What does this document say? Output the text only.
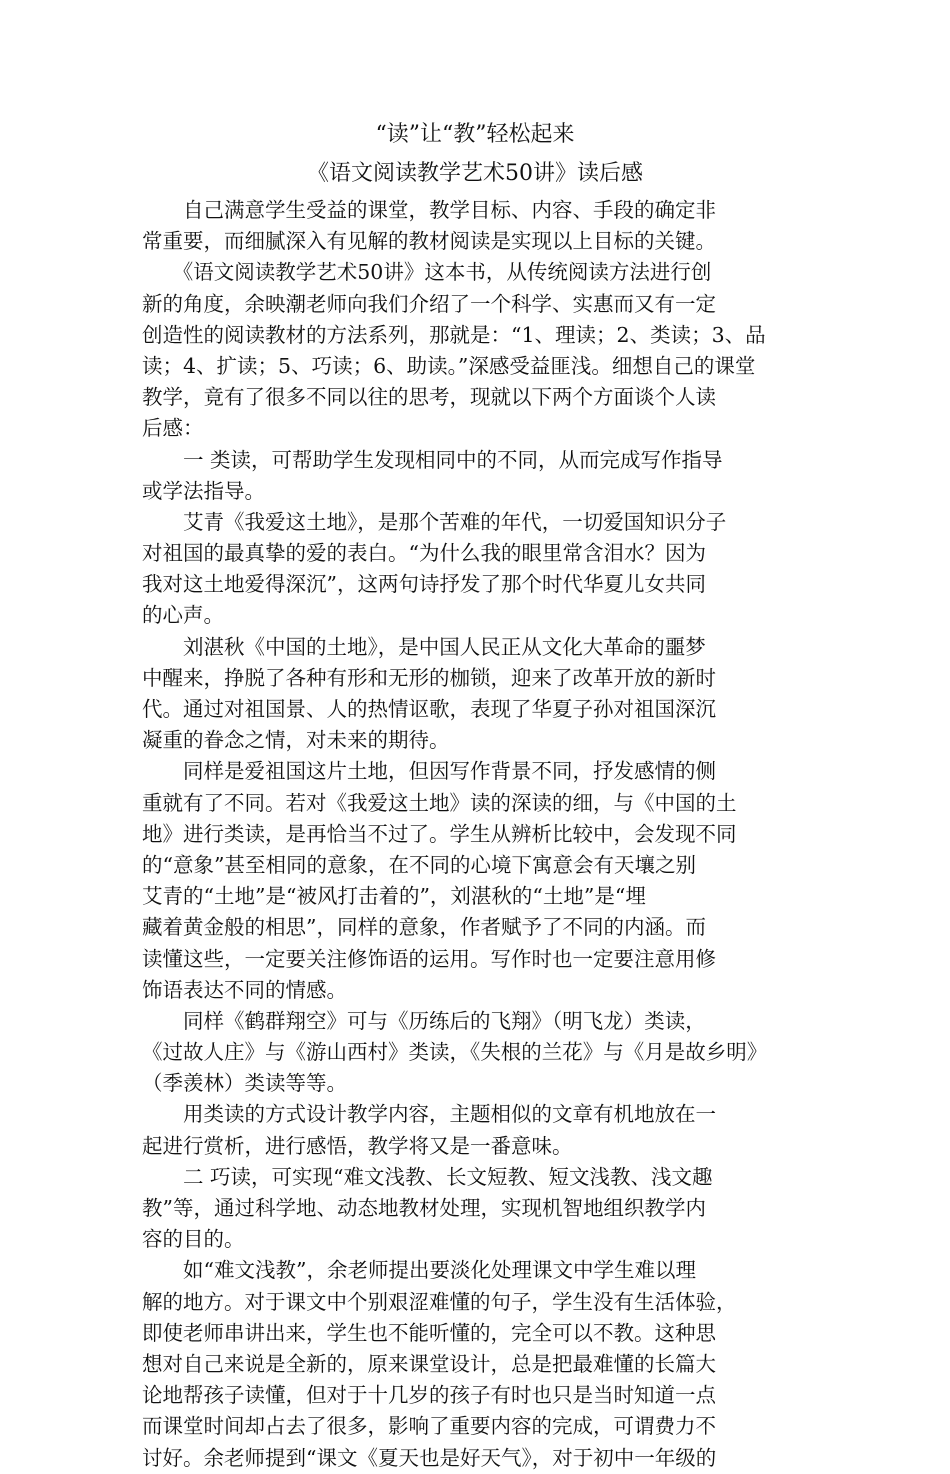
“读”让“教”轻松起来
《语文阅读教学艺术50讲》读后感
　　自己满意学生受益的课堂，教学目标、内容、手段的确定非
常重要，而细腻深入有见解的教材阅读是实现以上目标的关键。
　　《语文阅读教学艺术50讲》这本书，从传统阅读方法进行创
新的角度，余映潮老师向我们介绍了一个科学、实惠而又有一定
创造性的阅读教材的方法系列，那就是：“1、理读；2、类读；3、品
读；4、扩读；5、巧读；6、助读。”深感受益匪浅。细想自己的课堂
教学，竟有了很多不同以往的思考，现就以下两个方面谈个人读
后感：
　　一 类读，可帮助学生发现相同中的不同，从而完成写作指导
或学法指导。
　　艾青《我爱这土地》，是那个苦难的年代，一切爱国知识分子
对祖国的最真挚的爱的表白。“为什么我的眼里常含泪水？因为
我对这土地爱得深沉”，这两句诗抒发了那个时代华夏儿女共同
的心声。
　　刘湛秋《中国的土地》，是中国人民正从文化大革命的噩梦
中醒来，挣脱了各种有形和无形的枷锁，迎来了改革开放的新时
代。通过对祖国景、人的热情讴歌，表现了华夏子孙对祖国深沉
凝重的眷念之情，对未来的期待。
　　同样是爱祖国这片土地，但因写作背景不同，抒发感情的侧
重就有了不同。若对《我爱这土地》读的深读的细，与《中国的土
地》进行类读，是再恰当不过了。学生从辨析比较中，会发现不同
的“意象”甚至相同的意象，在不同的心境下寓意会有天壤之别
艾青的“土地”是“被风打击着的”，刘湛秋的“土地”是“埋
藏着黄金般的相思”，同样的意象，作者赋予了不同的内涵。而
读懂这些，一定要关注修饰语的运用。写作时也一定要注意用修
饰语表达不同的情感。
　　同样《鹤群翔空》可与《历练后的飞翔》（明飞龙）类读，
《过故人庄》与《游山西村》类读，《失根的兰花》与《月是故乡明》
（季羡林）类读等等。
　　用类读的方式设计教学内容，主题相似的文章有机地放在一
起进行赏析，进行感悟，教学将又是一番意味。
　　二 巧读，可实现“难文浅教、长文短教、短文浅教、浅文趣
教”等，通过科学地、动态地教材处理，实现机智地组织教学内
容的目的。
　　如“难文浅教”，余老师提出要淡化处理课文中学生难以理
解的地方。对于课文中个别艰涩难懂的句子，学生没有生活体验，
即使老师串讲出来，学生也不能听懂的，完全可以不教。这种思
想对自己来说是全新的，原来课堂设计，总是把最难懂的长篇大
论地帮孩子读懂，但对于十几岁的孩子有时也只是当时知道一点
而课堂时间却占去了很多，影响了重要内容的完成，可谓费力不
讨好。余老师提到“课文《夏天也是好天气》，对于初中一年级的
